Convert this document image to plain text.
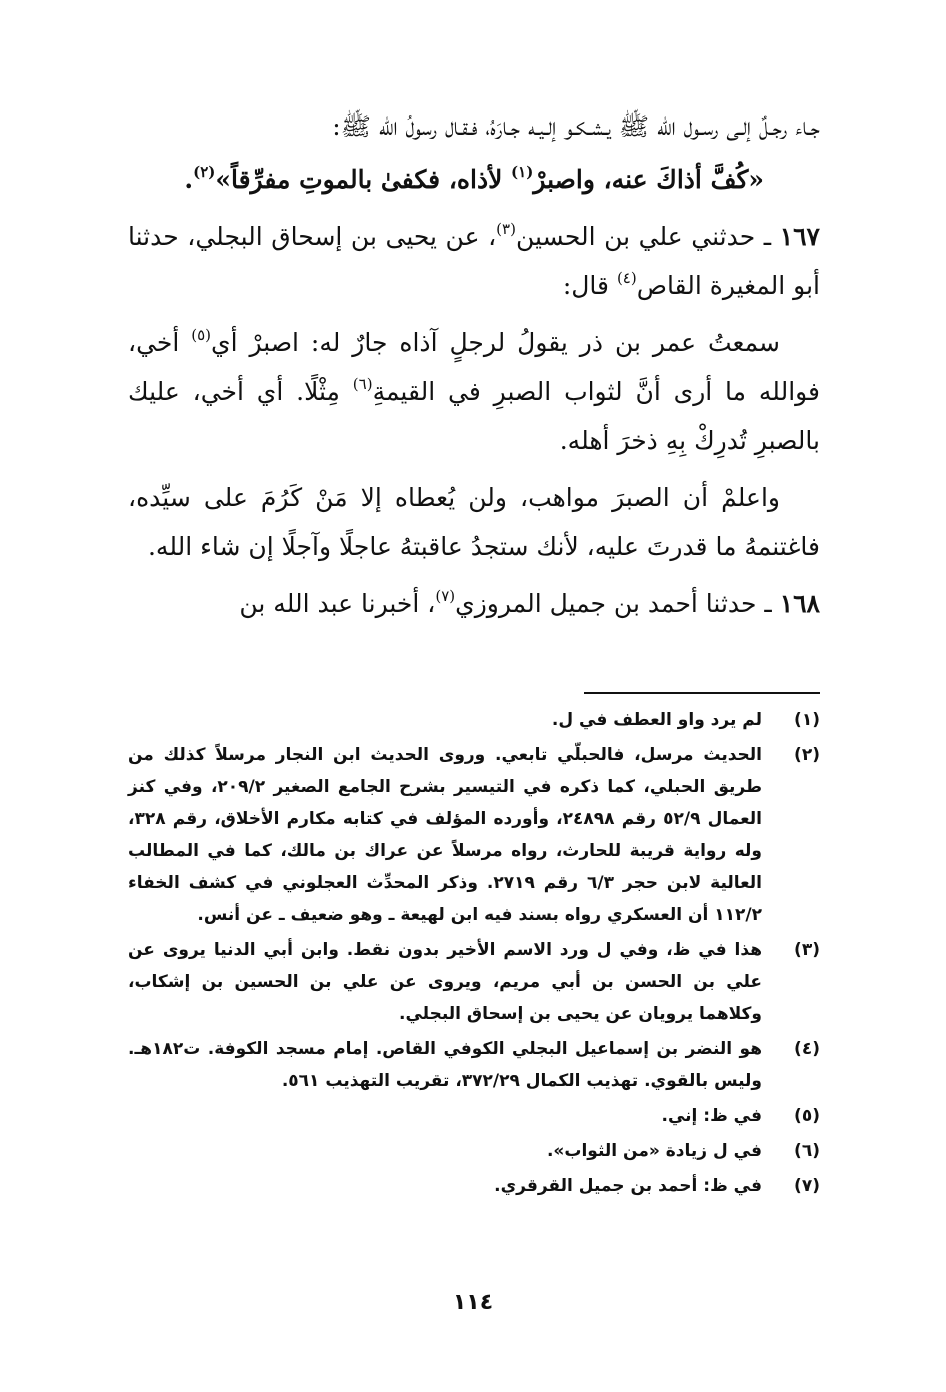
جـاء رجـلٌ إلـى رسـول الله ﷺ يـشـكـو إلـيـه جـارَهُ، فـقـال رسولُ الله ﷺ:

«كُفَّ أذاكَ عنه، واصبرْ$^{(١)}$ لأذاه، فكفىٰ بالموتِ مفرِّقاً»$^{(٢)}$.

١٦٧ ـ حدثني علي بن الحسين$^{(٣)}$، عن يحيى بن إسحاق البجلي، حدثنا أبو المغيرة القاص$^{(٤)}$ قال:

سمعتُ عمر بن ذر يقولُ لرجلٍ آذاه جارٌ له: اصبرْ أي$^{(٥)}$ أخي، فوالله ما أرى أنَّ لثواب الصبرِ في القيمةِ$^{(٦)}$ مِثْلًا. أي أخي، عليك بالصبرِ تُدرِكْ بِهِ ذخرَ أهله.

واعلمْ أن الصبرَ مواهب، ولن يُعطاه إلا مَنْ كَرُمَ على سيِّده، فاغتنمهُ ما قدرتَ عليه، لأنك ستجدُ عاقبتهُ عاجلًا وآجلًا إن شاء الله.

١٦٨ ـ حدثنا أحمد بن جميل المروزي$^{(٧)}$، أخبرنا عبد الله بن

(١)
لم يرد واو العطف في ل.
(٢)
الحديث مرسل، فالحبلّي تابعي. وروى الحديث ابن النجار مرسلاً كذلك من طريق الحبلي، كما ذكره في التيسير بشرح الجامع الصغير ٢٠٩/٢، وفي كنز العمال ٥٢/٩ رقم ٢٤٨٩٨، وأورده المؤلف في كتابه مكارم الأخلاق، رقم ٣٢٨، وله رواية قريبة للحارث، رواه مرسلاً عن عراك بن مالك، كما في المطالب العالية لابن حجر ٦/٣ رقم ٢٧١٩. وذكر المحدِّث العجلوني في كشف الخفاء ١١٢/٢ أن العسكري رواه بسند فيه ابن لهيعة ـ وهو ضعيف ـ عن أنس.
(٣)
هذا في ظ، وفي ل ورد الاسم الأخير بدون نقط. وابن أبي الدنيا يروى عن علي بن الحسن بن أبي مريم، ويروى عن علي بن الحسين بن إشكاب، وكلاهما يرويان عن يحيى بن إسحاق البجلي.
(٤)
هو النضر بن إسماعيل البجلي الكوفي القاص. إمام مسجد الكوفة. ت١٨٢هـ. وليس بالقوي. تهذيب الكمال ٣٧٢/٢٩، تقريب التهذيب ٥٦١.
(٥)
في ظ: إني.
(٦)
في ل زيادة «من الثواب».
(٧)
في ظ: أحمد بن جميل القرقري.
١١٤
